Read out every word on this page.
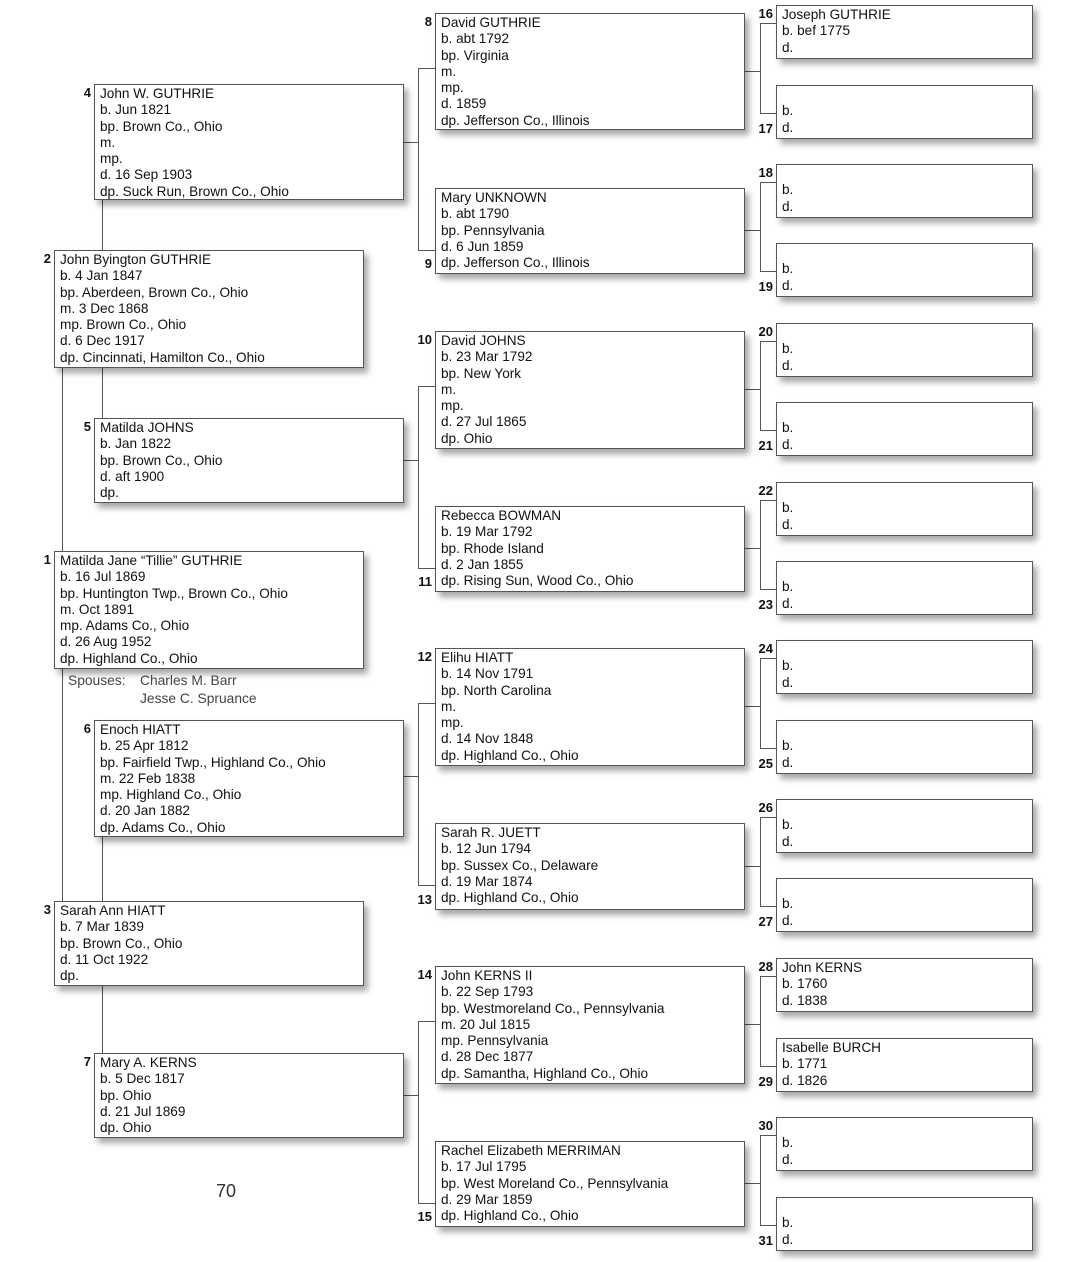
John W. GUTHRIE
b. Jun 1821
bp. Brown Co., Ohio
m.
mp.
d. 16 Sep 1903
dp. Suck Run, Brown Co., Ohio
4
John Byington GUTHRIE
b. 4 Jan 1847
bp. Aberdeen, Brown Co., Ohio
m. 3 Dec 1868
mp. Brown Co., Ohio
d. 6 Dec 1917
dp. Cincinnati, Hamilton Co., Ohio
2
Matilda JOHNS
b. Jan 1822
bp. Brown Co., Ohio
d. aft 1900
dp.
5
Matilda Jane “Tillie” GUTHRIE
b. 16 Jul 1869
bp. Huntington Twp., Brown Co., Ohio
m. Oct 1891
mp. Adams Co., Ohio
d. 26 Aug 1952
dp. Highland Co., Ohio
1
Enoch HIATT
b. 25 Apr 1812
bp. Fairfield Twp., Highland Co., Ohio
m. 22 Feb 1838
mp. Highland Co., Ohio
d. 20 Jan 1882
dp. Adams Co., Ohio
6
Sarah Ann HIATT
b. 7 Mar 1839
bp. Brown Co., Ohio
d. 11 Oct 1922
dp.
3
Mary A. KERNS
b. 5 Dec 1817
bp. Ohio
d. 21 Jul 1869
dp. Ohio
7
David GUTHRIE
b. abt 1792
bp. Virginia
m.
mp.
d. 1859
dp. Jefferson Co., Illinois
8
Mary UNKNOWN
b. abt 1790
bp. Pennsylvania
d. 6 Jun 1859
dp. Jefferson Co., Illinois
9
David JOHNS
b. 23 Mar 1792
bp. New York
m.
mp.
d. 27 Jul 1865
dp. Ohio
10
Rebecca BOWMAN
b. 19 Mar 1792
bp. Rhode Island
d. 2 Jan 1855
dp. Rising Sun, Wood Co., Ohio
11
Elihu HIATT
b. 14 Nov 1791
bp. North Carolina
m.
mp.
d. 14 Nov 1848
dp. Highland Co., Ohio
12
Sarah R. JUETT
b. 12 Jun 1794
bp. Sussex Co., Delaware
d. 19 Mar 1874
dp. Highland Co., Ohio
13
John KERNS II
b. 22 Sep 1793
bp. Westmoreland Co., Pennsylvania
m. 20 Jul 1815
mp. Pennsylvania
d. 28 Dec 1877
dp. Samantha, Highland Co., Ohio
14
Rachel Elizabeth MERRIMAN
b. 17 Jul 1795
bp. West Moreland Co., Pennsylvania
d. 29 Mar 1859
dp. Highland Co., Ohio
15
Joseph GUTHRIE
b. bef 1775
d.
16

b.
d.
17

b.
d.
18

b.
d.
19

b.
d.
20

b.
d.
21

b.
d.
22

b.
d.
23

b.
d.
24

b.
d.
25

b.
d.
26

b.
d.
27
John KERNS
b. 1760
d. 1838
28
Isabelle BURCH
b. 1771
d. 1826
29

b.
d.
30

b.
d.
31
Spouses: Charles M. Barr
Jesse C. Spruance
70
